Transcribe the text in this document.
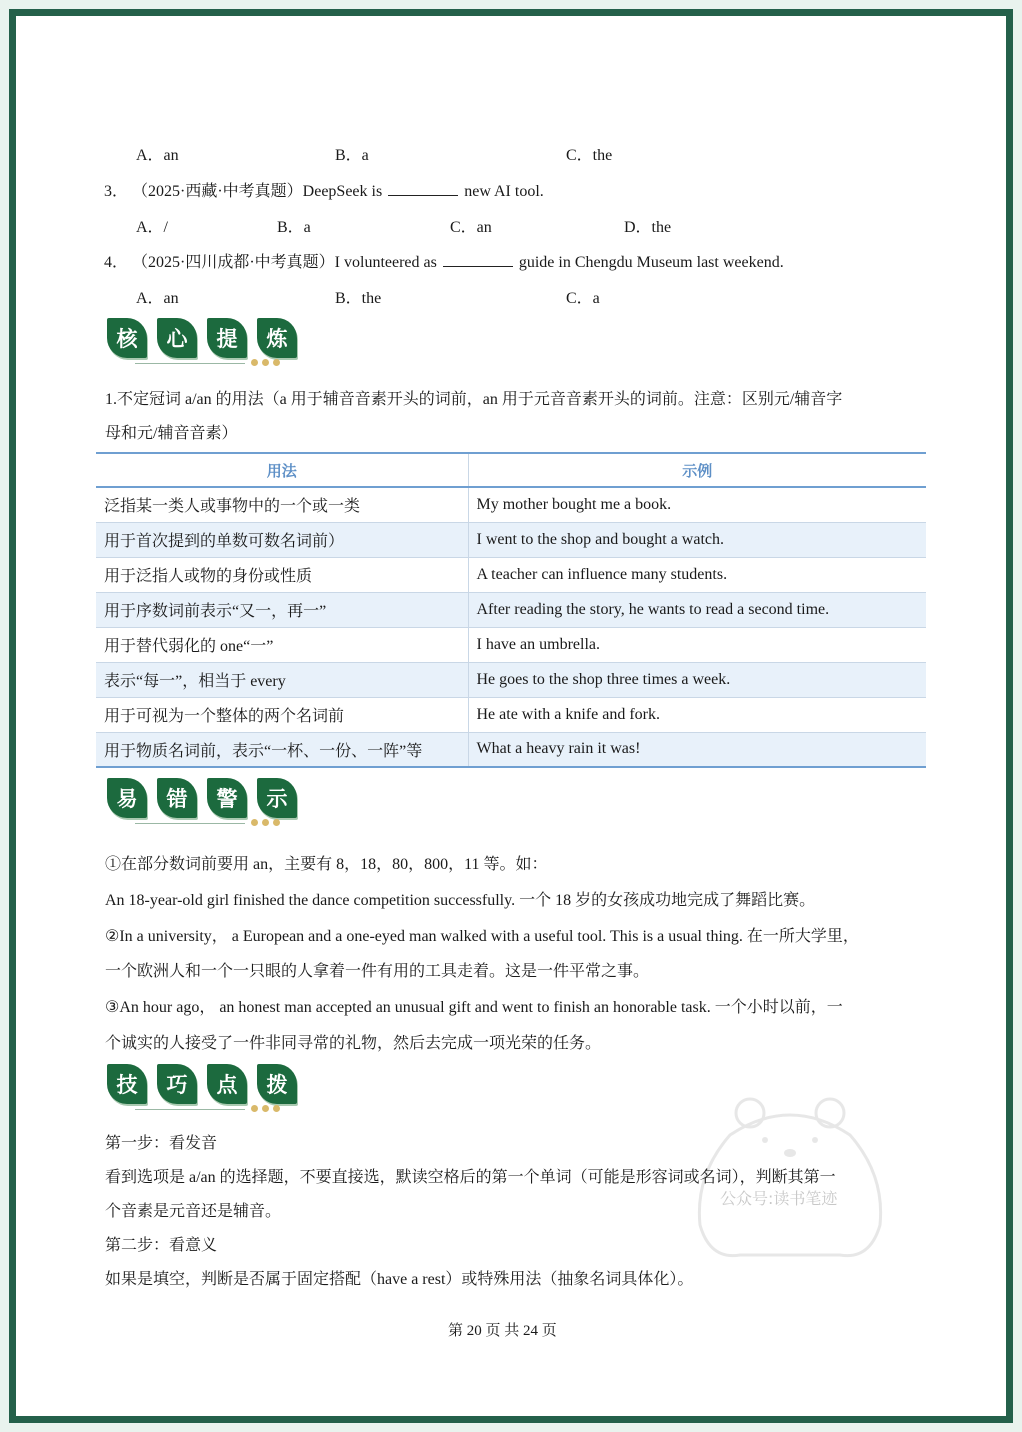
A．an	B．a	C．the
3． （2025·西藏·中考真题）DeepSeek is	new AI tool.
A．/	B．a	C．an	D．the
4． （2025·四川成都·中考真题）I volunteered as	guide in Chengdu Museum last weekend.
A．an	B．the	C．a
核	心	提	炼
1.不定冠词 a/an 的用法（a 用于辅音音素开头的词前，an 用于元音音素开头的词前。注意：区别元/辅音字
母和元/辅音音素）
用法	示例
泛指某一类人或事物中的一个或一类	My mother bought me a book.
用于首次提到的单数可数名词前）	I went to the shop and bought a watch.
用于泛指人或物的身份或性质	A teacher can influence many students.
用于序数词前表示“又一，再一”	After reading the story, he wants to read a second time.
用于替代弱化的 one“一”	I have an umbrella.
表示“每一”，相当于 every	He goes to the shop three times a week.
用于可视为一个整体的两个名词前	He ate with a knife and fork.
用于物质名词前，表示“一杯、一份、一阵”等	What a heavy rain it was!
易	错	警	示
①在部分数词前要用 an，主要有 8，18，80，800，11 等。如：
An 18-year-old girl finished the dance competition successfully. 一个 18 岁的女孩成功地完成了舞蹈比赛。
②In a university， a European and a one-eyed man walked with a useful tool. This is a usual thing. 在一所大学里，
一个欧洲人和一个一只眼的人拿着一件有用的工具走着。这是一件平常之事。
③An hour ago， an honest man accepted an unusual gift and went to finish an honorable task. 一个小时以前，一
个诚实的人接受了一件非同寻常的礼物，然后去完成一项光荣的任务。
技	巧	点	拨
公众号:读书笔迹
第一步：看发音
看到选项是 a/an 的选择题，不要直接选，默读空格后的第一个单词（可能是形容词或名词），判断其第一
个音素是元音还是辅音。
第二步：看意义
如果是填空，判断是否属于固定搭配（have a rest）或特殊用法（抽象名词具体化）。
第 20 页 共 24 页
